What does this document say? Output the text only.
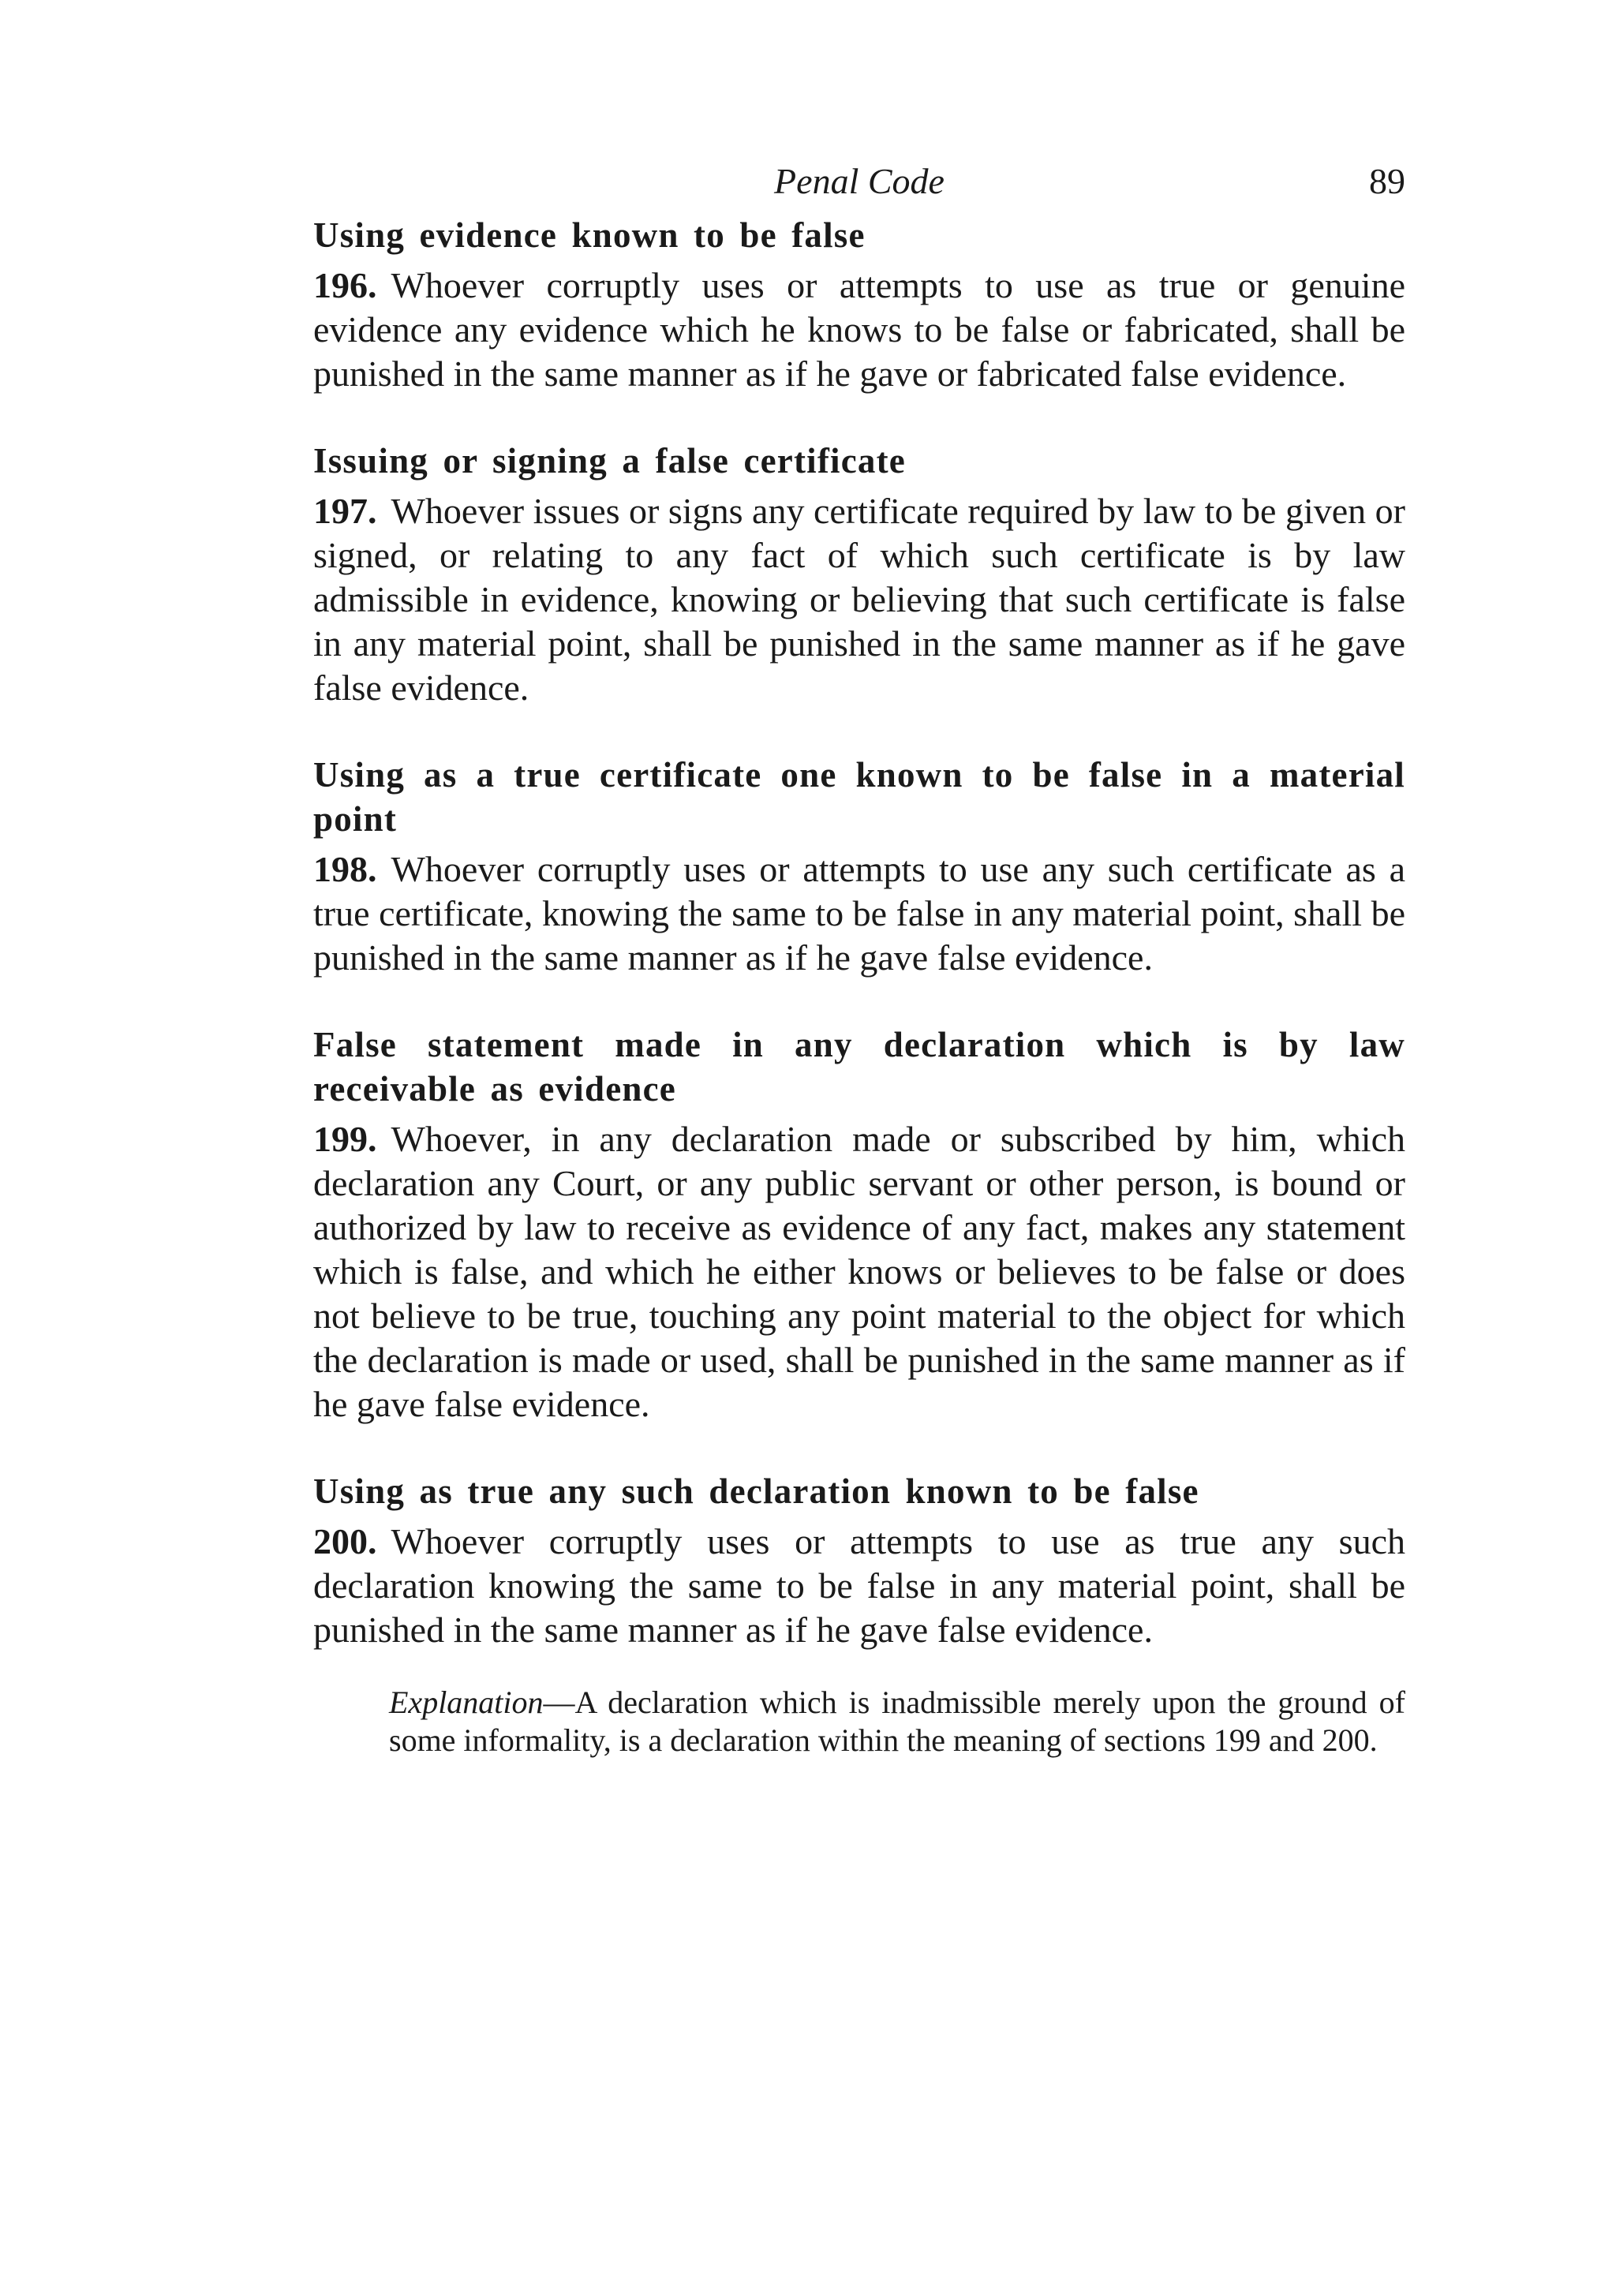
Penal Code	89

Using evidence known to be false

196. Whoever corruptly uses or attempts to use as true or genuine evidence any evidence which he knows to be false or fabricated, shall be punished in the same manner as if he gave or fabricated false evidence.

Issuing or signing a false certificate

197. Whoever issues or signs any certificate required by law to be given or signed, or relating to any fact of which such certificate is by law admissible in evidence, knowing or believing that such certificate is false in any material point, shall be punished in the same manner as if he gave false evidence.

Using as a true certificate one known to be false in a material point

198. Whoever corruptly uses or attempts to use any such certificate as a true certificate, knowing the same to be false in any material point, shall be punished in the same manner as if he gave false evidence.

False statement made in any declaration which is by law receivable as evidence

199. Whoever, in any declaration made or subscribed by him, which declaration any Court, or any public servant or other person, is bound or authorized by law to receive as evidence of any fact, makes any statement which is false, and which he either knows or believes to be false or does not believe to be true, touching any point material to the object for which the declaration is made or used, shall be punished in the same manner as if he gave false evidence.

Using as true any such declaration known to be false

200. Whoever corruptly uses or attempts to use as true any such declaration knowing the same to be false in any material point, shall be punished in the same manner as if he gave false evidence.

Explanation—A declaration which is inadmissible merely upon the ground of some informality, is a declaration within the meaning of sections 199 and 200.
